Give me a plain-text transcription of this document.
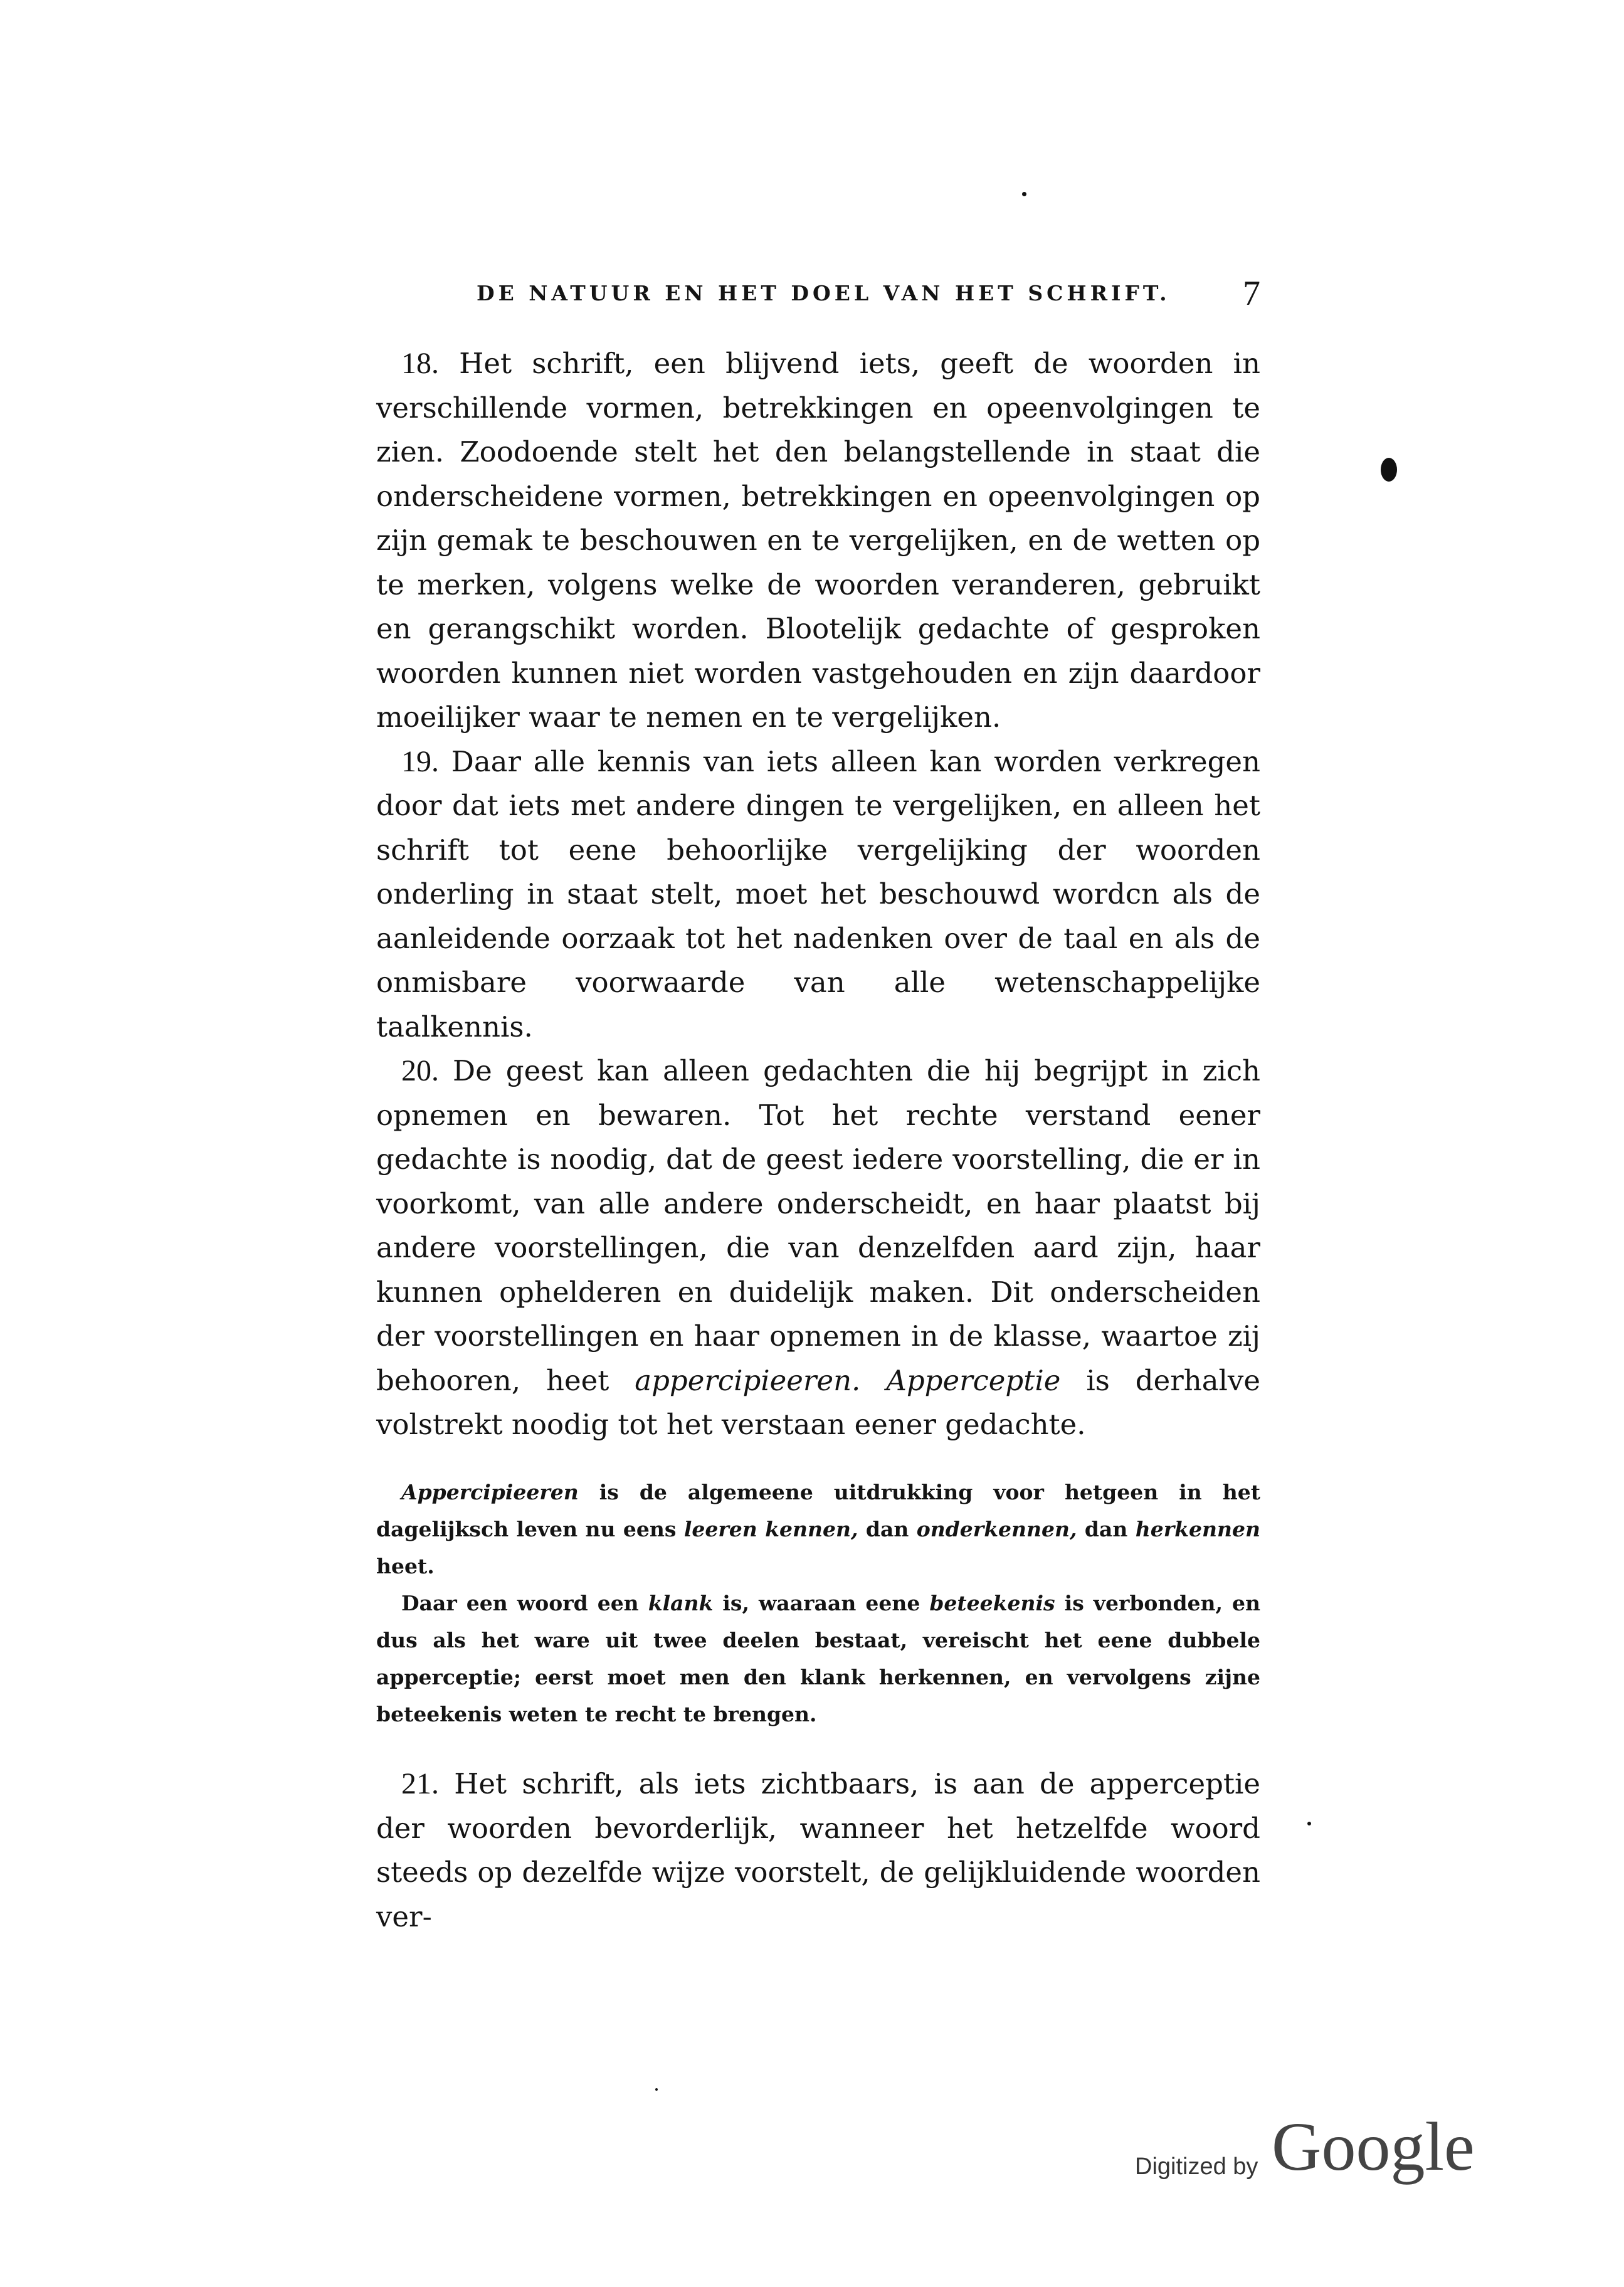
DE NATUUR EN HET DOEL VAN HET SCHRIFT. 7

18. Het schrift, een blijvend iets, geeft de woorden in verschillende vormen, betrekkingen en opeenvolgingen te zien. Zoodoende stelt het den belangstellende in staat die onderscheidene vormen, betrekkingen en opeenvolgingen op zijn gemak te beschouwen en te vergelijken, en de wetten op te merken, volgens welke de woorden veranderen, gebruikt en gerangschikt worden. Blootelijk gedachte of gesproken woorden kunnen niet worden vastgehouden en zijn daardoor moeilijker waar te nemen en te vergelijken.

19. Daar alle kennis van iets alleen kan worden verkregen door dat iets met andere dingen te vergelijken, en alleen het schrift tot eene behoorlijke vergelijking der woorden onderling in staat stelt, moet het beschouwd wordcn als de aanleidende oorzaak tot het nadenken over de taal en als de onmisbare voorwaarde van alle wetenschappelijke taalkennis.

20. De geest kan alleen gedachten die hij begrijpt in zich opnemen en bewaren. Tot het rechte verstand eener gedachte is noodig, dat de geest iedere voorstelling, die er in voorkomt, van alle andere onderscheidt, en haar plaatst bij andere voorstellingen, die van denzelfden aard zijn, haar kunnen ophelderen en duidelijk maken. Dit onderscheiden der voorstellingen en haar opnemen in de klasse, waartoe zij behooren, heet appercipieeren. Apperceptie is derhalve volstrekt noodig tot het verstaan eener gedachte.

Appercipieeren is de algemeene uitdrukking voor hetgeen in het dagelijksch leven nu eens leeren kennen, dan onderkennen, dan herkennen heet.

Daar een woord een klank is, waaraan eene beteekenis is verbonden, en dus als het ware uit twee deelen bestaat, vereischt het eene dubbele apperceptie; eerst moet men den klank herkennen, en vervolgens zijne beteekenis weten te recht te brengen.

21. Het schrift, als iets zichtbaars, is aan de apperceptie der woorden bevorderlijk, wanneer het hetzelfde woord steeds op dezelfde wijze voorstelt, de gelijkluidende woorden ver-

Digitized by Google
